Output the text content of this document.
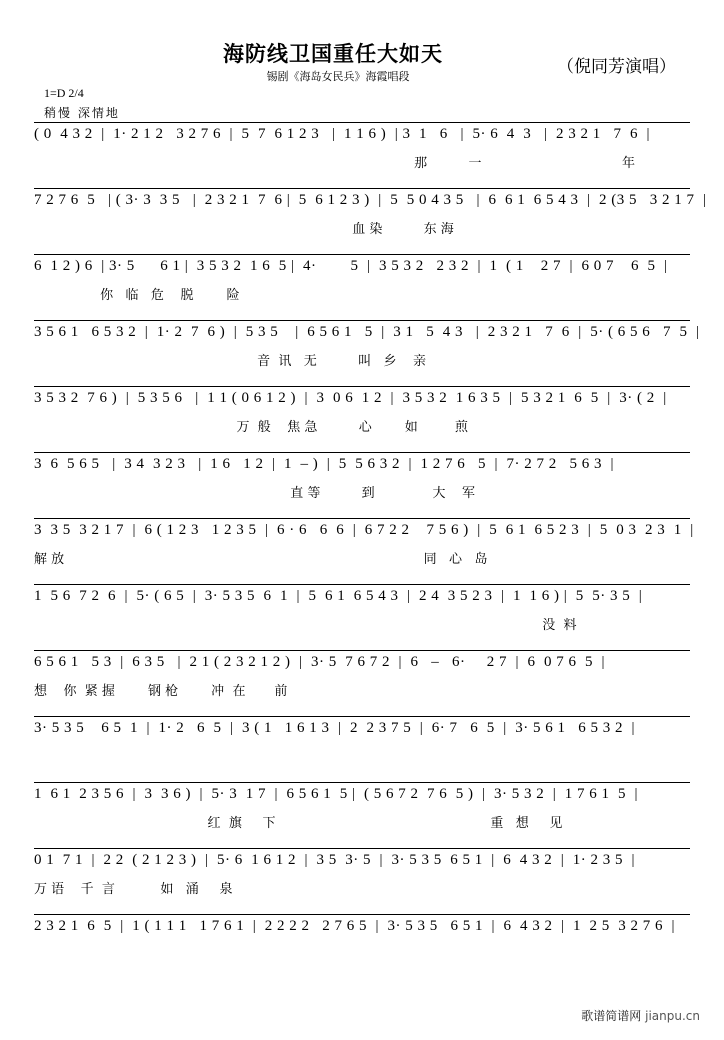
海防线卫国重任大如天
锡剧《海岛女民兵》海霞唱段	（倪同芳演唱）
1=D 2/4
稍慢 深情地
( 0  4 3 2  |  1· 2 1 2   3 2 7 6  |  5  7  6 1 2 3   |  1 1 6 )  | 3  1   6   |  5· 6  4  3   |  2 3 2 1   7  6  |
那          一                                  年
7 2 7 6  5   | ( 3· 3  3 5   |  2 3 2 1  7  6 |  5  6 1 2 3 )  |  5  5 0 4 3 5   |  6  6 1  6 5 4 3  |  2 (3 5   3 2 1 7  |
血 染          东 海
6  1 2 ) 6  | 3· 5      6 1 |  3 5 3 2  1 6  5 |  4·        5  |  3 5 3 2   2 3 2  |  1  ( 1    2 7  |  6 0 7    6  5  |
你   临   危    脱        险
3 5 6 1   6 5 3 2  |  1· 2  7  6 )  |  5 3 5    |  6 5 6 1   5  |  3 1   5  4 3   |  2 3 2 1   7  6  |  5· ( 6 5 6   7  5  |
音  讯   无          叫   乡    亲
3 5 3 2  7 6 )  |  5 3 5 6   |  1 1 ( 0 6 1 2 )  |  3  0 6  1 2  |  3 5 3 2  1 6 3 5  |  5 3 2 1  6  5  |  3· ( 2  |
万  般    焦 急          心        如         煎
3  6  5 6 5   |  3 4  3 2 3   |  1 6   1 2  |  1  – )  |  5  5 6 3 2  |  1 2 7 6   5  |  7· 2 7 2   5 6 3  |
直 等          到              大    军
3  3 5  3 2 1 7  |  6 ( 1 2 3   1 2 3 5  |  6 · 6   6  6  |  6 7 2 2    7 5 6 )  |  5  6 1  6 5 2 3  |  5  0 3  2 3  1  |
解 放                                                                                       同   心   岛
1  5 6  7 2  6  |  5· ( 6 5  |  3· 5 3 5  6  1  |  5  6 1  6 5 4 3  |  2 4  3 5 2 3  |  1  1 6 ) |  5  5· 3 5  |
没  料
6 5 6 1   5 3  |  6 3 5   |  2 1 ( 2 3 2 1 2 )  |  3· 5  7 6 7 2  |  6   –   6·     2 7  |  6  0 7 6  5  |
想    你  紧 握        钢 枪        冲  在       前
3· 5 3 5    6 5  1  |  1· 2   6  5  |  3 ( 1   1 6 1 3  |  2  2 3 7 5  |  6· 7   6  5  |  3· 5 6 1   6 5 3 2  |
1  6 1  2 3 5 6  |  3  3 6 )  |  5· 3  1 7  |  6 5 6 1  5 |  ( 5 6 7 2  7 6  5 )  |  3· 5 3 2  |  1 7 6 1  5  |
红  旗     下                                                    重   想     见
0 1  7 1  |  2 2  ( 2 1 2 3 )  |  5· 6  1 6 1 2  |  3 5  3· 5  |  3· 5 3 5  6 5 1  |  6  4 3 2  |  1· 2 3 5  |
万 语    千  言           如   涌     泉
2 3 2 1  6  5  |  1 ( 1 1 1   1 7 6 1  |  2 2 2 2   2 7 6 5  |  3· 5 3 5   6 5 1  |  6  4 3 2  |  1  2 5  3 2 7 6  |
歌谱简谱网 jianpu.cn
